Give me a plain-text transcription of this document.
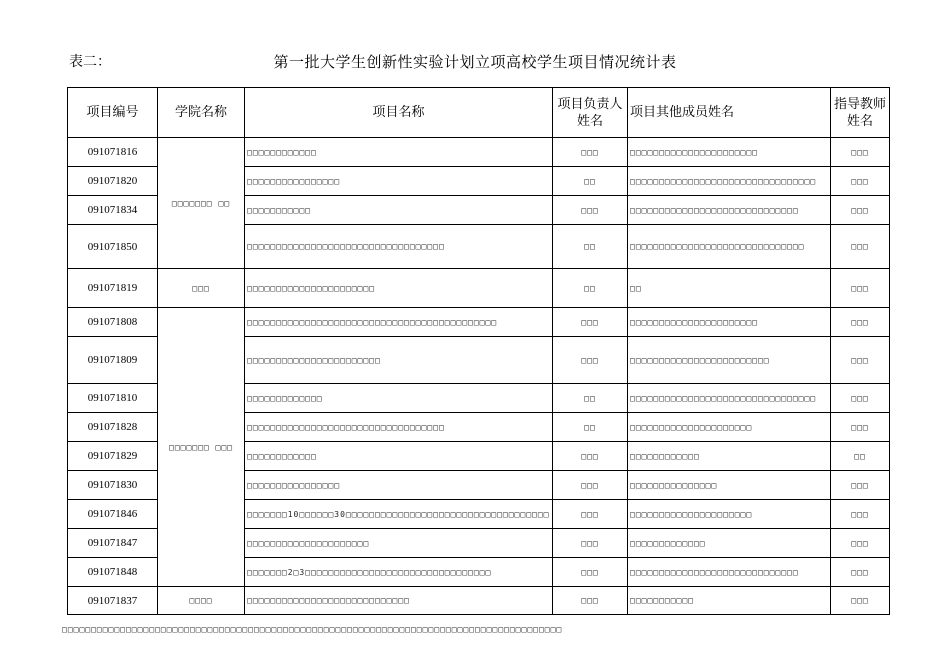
表二：	第一批大学生创新性实验计划立项高校学生项目情况统计表
项目编号	学院名称	项目名称	项目负责人姓名	项目其他成员姓名	指导教师姓名
091071816	□□□□□□□ □□	□□□□□□□□□□□□	□□□	□□□□□□□□□□□□□□□□□□□□□□	□□□
091071820		□□□□□□□□□□□□□□□□	□□	□□□□□□□□□□□□□□□□□□□□□□□□□□□□□□□□	□□□
091071834		□□□□□□□□□□□	□□□	□□□□□□□□□□□□□□□□□□□□□□□□□□□□□	□□□
091071850		□□□□□□□□□□□□□□□□□□□□□□□□□□□□□□□□□□	□□	□□□□□□□□□□□□□□□□□□□□□□□□□□□□□□	□□□
091071819	□□□	□□□□□□□□□□□□□□□□□□□□□□	□□	□□	□□□
091071808	□□□□□□□ □□□	□□□□□□□□□□□□□□□□□□□□□□□□□□□□□□□□□□□□□□□□□□□	□□□	□□□□□□□□□□□□□□□□□□□□□□	□□□
091071809		□□□□□□□□□□□□□□□□□□□□□□□	□□□	□□□□□□□□□□□□□□□□□□□□□□□□	□□□
091071810		□□□□□□□□□□□□□	□□	□□□□□□□□□□□□□□□□□□□□□□□□□□□□□□□□	□□□
091071828		□□□□□□□□□□□□□□□□□□□□□□□□□□□□□□□□□□	□□	□□□□□□□□□□□□□□□□□□□□□	□□□
091071829		□□□□□□□□□□□□	□□□	□□□□□□□□□□□□	□□
091071830		□□□□□□□□□□□□□□□□	□□□	□□□□□□□□□□□□□□□	□□□
091071846		□□□□□□□10□□□□□□30□□□□□□□□□□□□□□□□□□□□□□□□□□□□□□□□□□□	□□□	□□□□□□□□□□□□□□□□□□□□□	□□□
091071847		□□□□□□□□□□□□□□□□□□□□□	□□□	□□□□□□□□□□□□□	□□□
091071848		□□□□□□□2□3□□□□□□□□□□□□□□□□□□□□□□□□□□□□□□□□	□□□	□□□□□□□□□□□□□□□□□□□□□□□□□□□□□	□□□
091071837	□□□□	□□□□□□□□□□□□□□□□□□□□□□□□□□□□	□□□	□□□□□□□□□□□	□□□
□□□□□□□□□□□□□□□□□□□□□□□□□□□□□□□□□□□□□□□□□□□□□□□□□□□□□□□□□□□□□□□□□□□□□□□□□□□□□□□□□□□□□□
